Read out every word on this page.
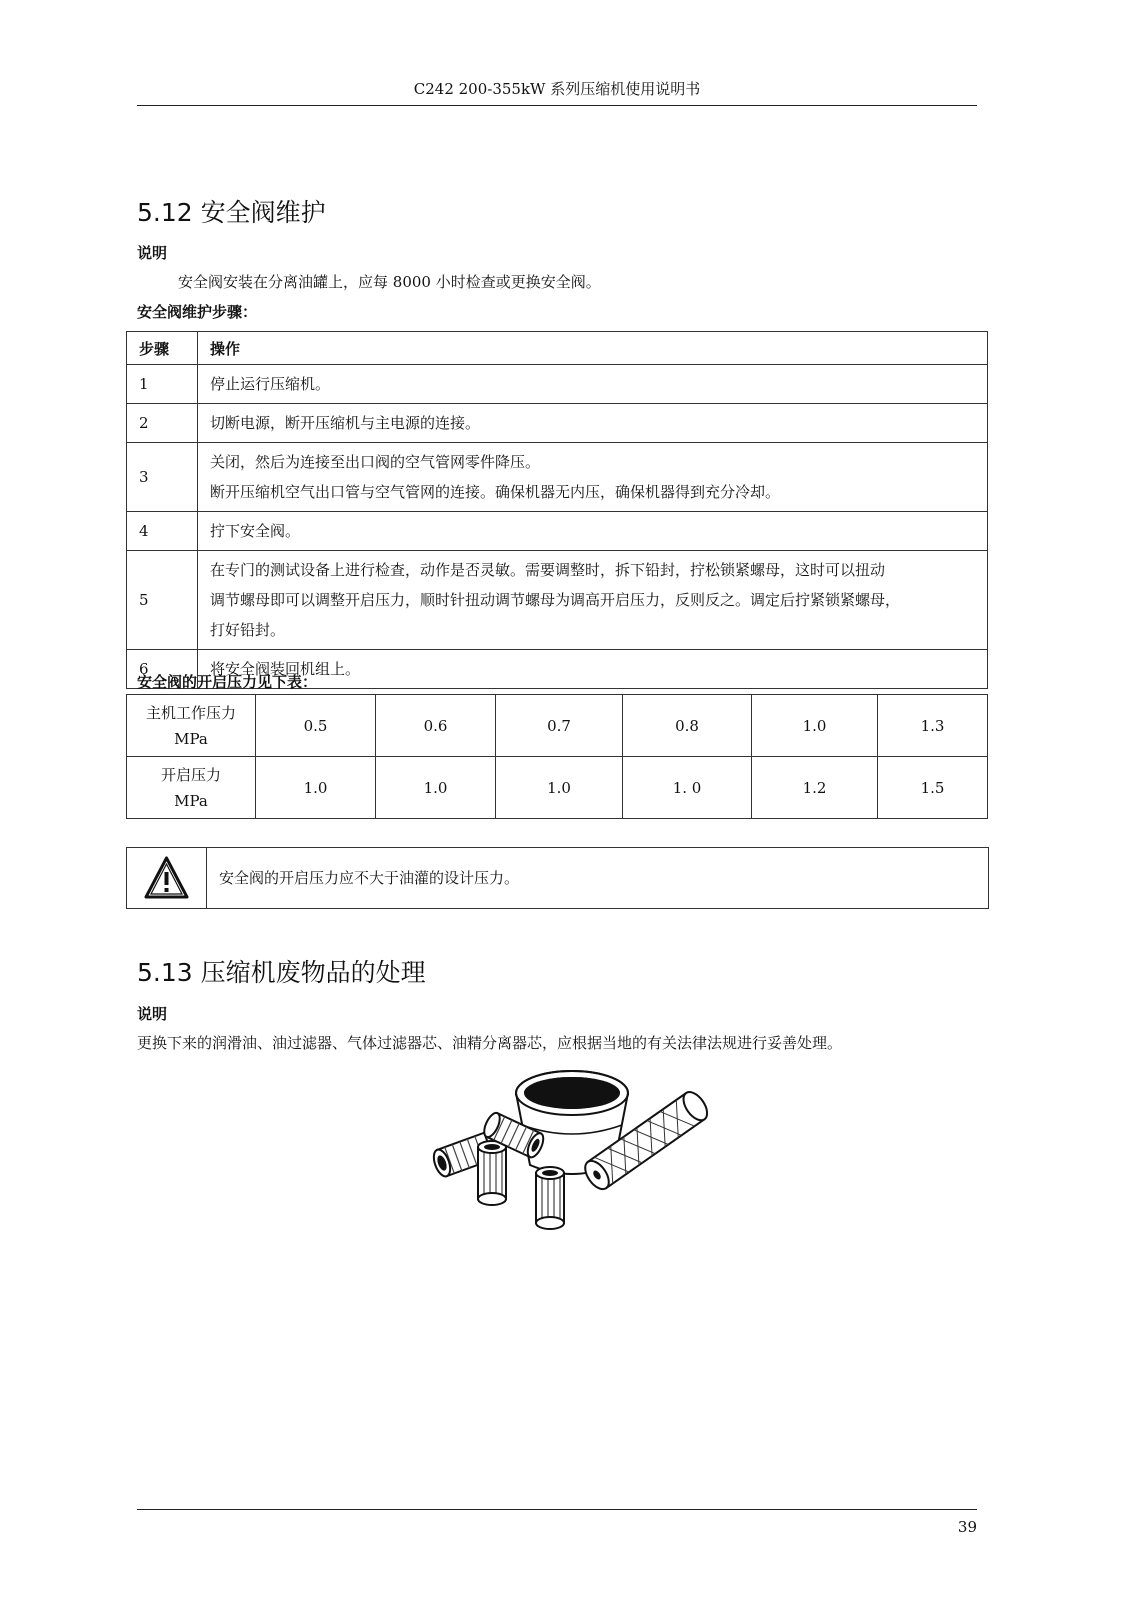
C242 200-355kW 系列压缩机使用说明书
5.12 安全阀维护
说明
安全阀安装在分离油罐上，应每 8000 小时检查或更换安全阀。
安全阀维护步骤：
步骤	操作
1	停止运行压缩机。

2	切断电源，断开压缩机与主电源的连接。

3	关闭，然后为连接至出口阀的空气管网零件降压。
断开压缩机空气出口管与空气管网的连接。确保机器无内压，确保机器得到充分冷却。

4	拧下安全阀。

5	在专门的测试设备上进行检查，动作是否灵敏。需要调整时，拆下铅封，拧松锁紧螺母，这时可以扭动
调节螺母即可以调整开启压力，顺时针扭动调节螺母为调高开启压力，反则反之。调定后拧紧锁紧螺母，
打好铅封。

6	将安全阀装回机组上。
安全阀的开启压力见下表：
主机工作压力
MPa	0.5	0.6	0.7	0.8	1.0	1.3

开启压力
MPa	1.0	1.0	1.0	1. 0	1.2	1.5
安全阀的开启压力应不大于油灌的设计压力。
5.13 压缩机废物品的处理
说明
更换下来的润滑油、油过滤器、气体过滤器芯、油精分离器芯，应根据当地的有关法律法规进行妥善处理。
39
